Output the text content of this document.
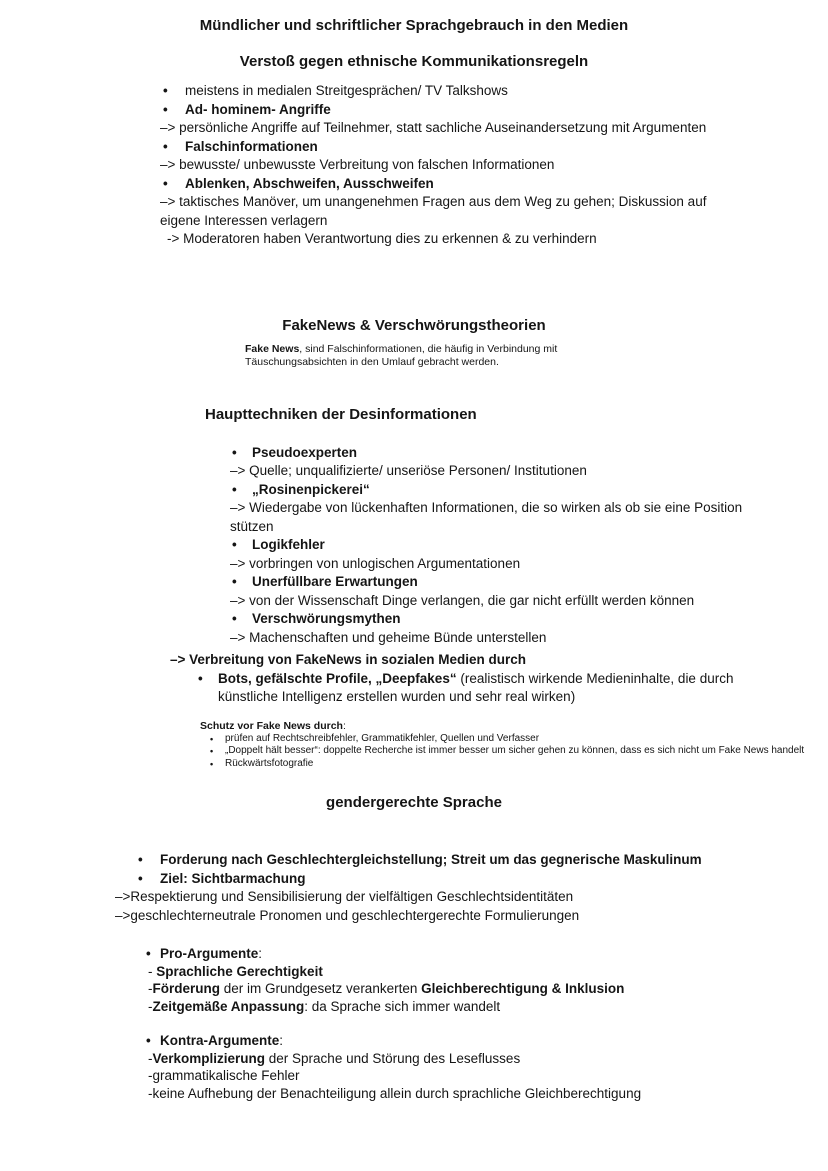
Mündlicher und schriftlicher Sprachgebrauch in den Medien
Verstoß gegen ethnische Kommunikationsregeln
•	meistens in medialen Streitgesprächen/ TV Talkshows
•	Ad- hominem- Angriffe
–> persönliche Angriffe auf Teilnehmer, statt sachliche Auseinandersetzung mit Argumenten
•	Falschinformationen
–> bewusste/ unbewusste Verbreitung von falschen Informationen
•	Ablenken, Abschweifen, Ausschweifen
–> taktisches Manöver, um unangenehmen Fragen aus dem Weg zu gehen; Diskussion auf
eigene Interessen verlagern
-> Moderatoren haben Verantwortung dies zu erkennen & zu verhindern
FakeNews & Verschwörungstheorien
Fake News, sind Falschinformationen, die häufig in Verbindung mit
Täuschungsabsichten in den Umlauf gebracht werden.
Haupttechniken der Desinformationen
•	Pseudoexperten
–> Quelle; unqualifizierte/ unseriöse Personen/ Institutionen
•	„Rosinenpickerei“
–> Wiedergabe von lückenhaften Informationen, die so wirken als ob sie eine Position
stützen
•	Logikfehler
–> vorbringen von unlogischen Argumentationen
•	Unerfüllbare Erwartungen
–> von der Wissenschaft Dinge verlangen, die gar nicht erfüllt werden können
•	Verschwörungsmythen
–> Machenschaften und geheime Bünde unterstellen
–> Verbreitung von FakeNews in sozialen Medien durch
•	Bots, gefälschte Profile, „Deepfakes“ (realistisch wirkende Medieninhalte, die durch
künstliche Intelligenz erstellen wurden und sehr real wirken)
Schutz vor Fake News durch:
•	prüfen auf Rechtschreibfehler, Grammatikfehler, Quellen und Verfasser
•	„Doppelt hält besser“: doppelte Recherche ist immer besser um sicher gehen zu können, dass es sich nicht um Fake News handelt
•	Rückwärtsfotografie
gendergerechte Sprache
•	Forderung nach Geschlechtergleichstellung; Streit um das gegnerische Maskulinum
•	Ziel: Sichtbarmachung
–>Respektierung und Sensibilisierung der vielfältigen Geschlechtsidentitäten
–>geschlechterneutrale Pronomen und geschlechtergerechte Formulierungen
• Pro-Argumente:
- Sprachliche Gerechtigkeit
-Förderung der im Grundgesetz verankerten Gleichberechtigung & Inklusion
-Zeitgemäße Anpassung: da Sprache sich immer wandelt
• Kontra-Argumente:
-Verkomplizierung der Sprache und Störung des Leseflusses
-grammatikalische Fehler
-keine Aufhebung der Benachteiligung allein durch sprachliche Gleichberechtigung
